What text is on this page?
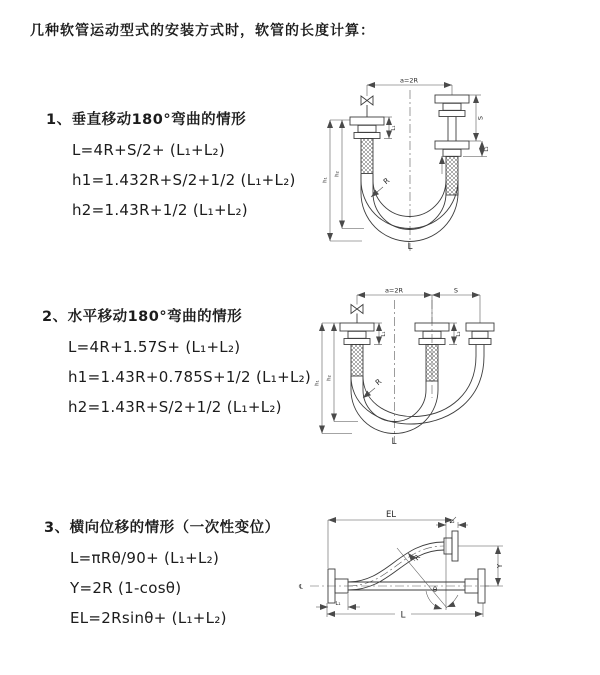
几种软管运动型式的安装方式时，软管的长度计算：
1、垂直移动180°弯曲的情形
L=4R+S/2+ (L₁+L₂)
h1=1.432R+S/2+1/2 (L₁+L₂)
h2=1.43R+1/2 (L₁+L₂)
2、水平移动180°弯曲的情形
L=4R+1.57S+ (L₁+L₂)
h1=1.43R+0.785S+1/2 (L₁+L₂)
h2=1.43R+S/2+1/2 (L₁+L₂)
3、横向位移的情形（一次性变位）
L=πRθ/90+ (L₁+L₂)
Y=2R (1-cosθ)
EL=2Rsinθ+ (L₁+L₂)
a=2R
h₁
h₂
L₁
S
L₂
R
L
a=2R	S
h₁
h₂
L₁	L₂
R
L
EL
L₂
℄
Y
θ
R
L
L₁
